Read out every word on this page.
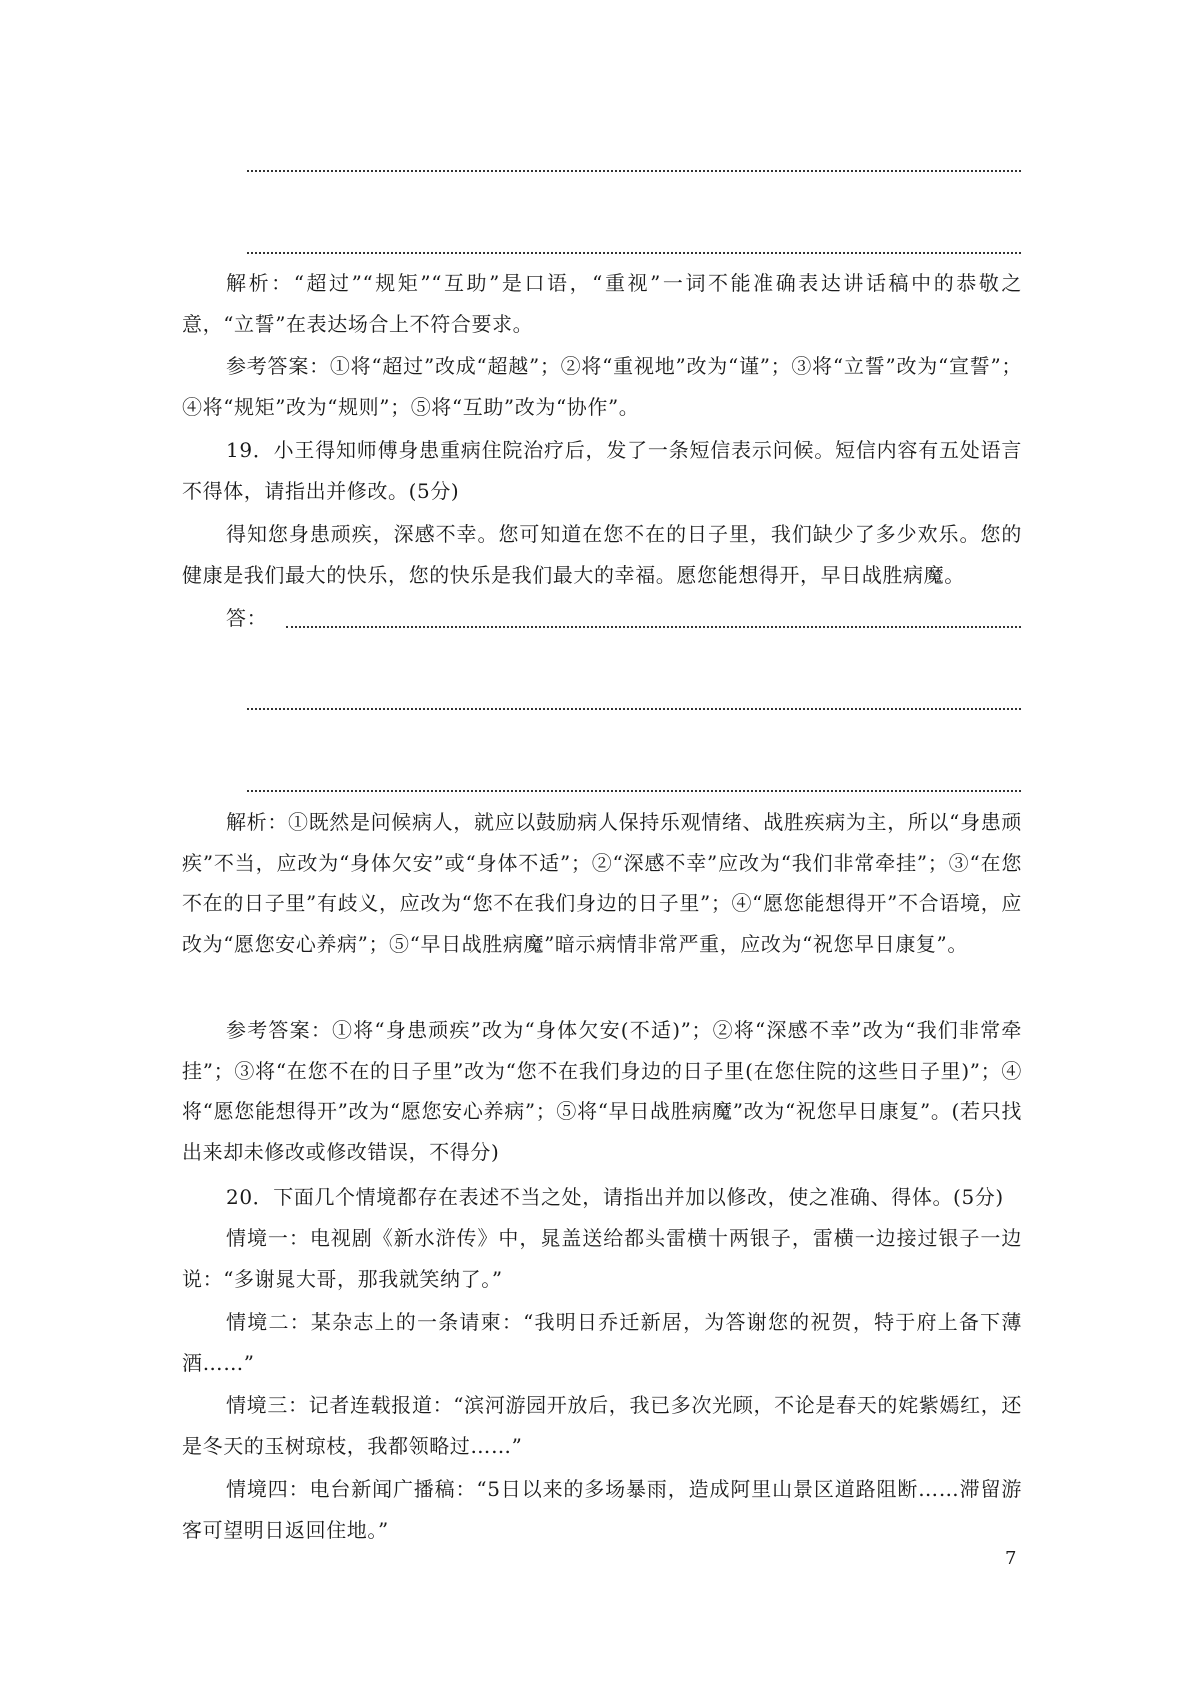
解析：“超过”“规矩”“互助”是口语，“重视”一词不能准确表达讲话稿中的恭敬之意，“立誓”在表达场合上不符合要求。

参考答案：①将“超过”改成“超越”；②将“重视地”改为“谨”；③将“立誓”改为“宣誓”；④将“规矩”改为“规则”；⑤将“互助”改为“协作”。

19．小王得知师傅身患重病住院治疗后，发了一条短信表示问候。短信内容有五处语言不得体，请指出并修改。(5分)

得知您身患顽疾，深感不幸。您可知道在您不在的日子里，我们缺少了多少欢乐。您的健康是我们最大的快乐，您的快乐是我们最大的幸福。愿您能想得开，早日战胜病魔。

答：

解析：①既然是问候病人，就应以鼓励病人保持乐观情绪、战胜疾病为主，所以“身患顽疾”不当，应改为“身体欠安”或“身体不适”；②“深感不幸”应改为“我们非常牵挂”；③“在您不在的日子里”有歧义，应改为“您不在我们身边的日子里”；④“愿您能想得开”不合语境，应改为“愿您安心养病”；⑤“早日战胜病魔”暗示病情非常严重，应改为“祝您早日康复”。

参考答案：①将“身患顽疾”改为“身体欠安(不适)”；②将“深感不幸”改为“我们非常牵挂”；③将“在您不在的日子里”改为“您不在我们身边的日子里(在您住院的这些日子里)”；④将“愿您能想得开”改为“愿您安心养病”；⑤将“早日战胜病魔”改为“祝您早日康复”。(若只找出来却未修改或修改错误，不得分)

20．下面几个情境都存在表述不当之处，请指出并加以修改，使之准确、得体。(5分)

情境一：电视剧《新水浒传》中，晁盖送给都头雷横十两银子，雷横一边接过银子一边说：“多谢晁大哥，那我就笑纳了。”

情境二：某杂志上的一条请柬：“我明日乔迁新居，为答谢您的祝贺，特于府上备下薄酒……”

情境三：记者连载报道：“滨河游园开放后，我已多次光顾，不论是春天的姹紫嫣红，还是冬天的玉树琼枝，我都领略过……”

情境四：电台新闻广播稿：“5日以来的多场暴雨，造成阿里山景区道路阻断……滞留游客可望明日返回住地。”

7
